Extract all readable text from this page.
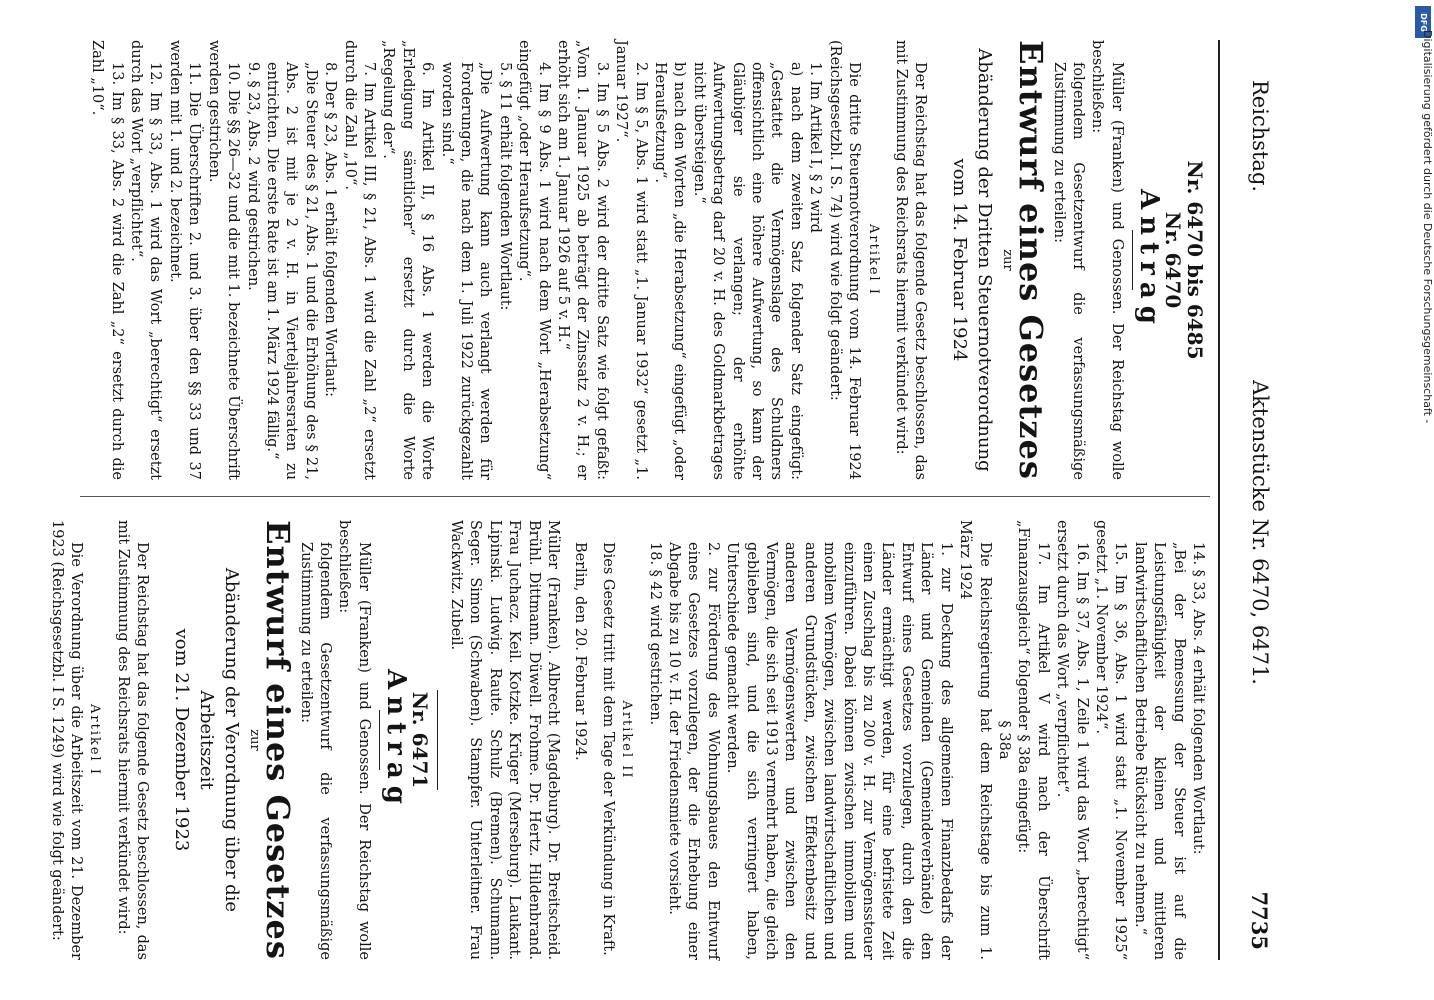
Reichstag.
Aktenstücke Nr. 6470, 6471.
7735

Nr. 6470 bis 6485

Nr. 6470

Antrag

Müller (Franken) und Genossen. Der Reichstag wolle beschließen:

folgendem Gesetzentwurf die verfassungsmäßige Zustimmung zu erteilen:

Entwurf eines Gesetzes

zur

Abänderung der Dritten Steuernotverordnung

vom 14. Februar 1924

Der Reichstag hat das folgende Gesetz beschlossen, das mit Zustimmung des Reichsrats hiermit verkündet wird:

Artikel I

Die dritte Steuernotverordnung vom 14. Februar 1924 (Reichsgesetzbl. I S. 74) wird wie folgt geändert:

1. Im Artikel I, § 2 wird

a) nach dem zweiten Satz folgender Satz eingefügt: „Gestattet die Vermögenslage des Schuldners offensichtlich eine höhere Aufwertung, so kann der Gläubiger sie verlangen; der erhöhte Aufwertungsbetrag darf 20 v. H. des Goldmarkbetrages nicht übersteigen.“

b) nach den Worten „die Herabsetzung“ eingefügt „oder Heraufsetzung“.

2. Im § 5, Abs. 1 wird statt „1. Januar 1932“ gesetzt „1. Januar 1927“.

3. Im § 5 Abs. 2 wird der dritte Satz wie folgt gefaßt: „Vom 1. Januar 1925 ab beträgt der Zinssatz 2 v. H.; er erhöht sich am 1. Januar 1926 auf 5 v. H.“

4. Im § 9 Abs. 1 wird nach dem Wort „Herabsetzung“ eingefügt „oder Heraufsetzung“.

5. § 11 erhält folgenden Wortlaut:

„Die Aufwertung kann auch verlangt werden für Forderungen, die nach dem 1. Juli 1922 zurückgezahlt worden sind.“

6. Im Artikel II, § 16 Abs. 1 werden die Worte „Erledigung sämtlicher“ ersetzt durch die Worte „Regelung der“.

7. Im Artikel III, § 21, Abs. 1 wird die Zahl „2“ ersetzt durch die Zahl „10“.

8. Der § 23, Abs. 1 erhält folgenden Wortlaut:

„Die Steuer des § 21, Abs. 1 und die Erhöhung des § 21, Abs. 2 ist mit je 2 v. H. in Vierteljahresraten zu entrichten. Die erste Rate ist am 1. März 1924 fällig.“

9. § 23, Abs. 2 wird gestrichen.

10. Die §§ 26—32 und die mit 1. bezeichnete Überschrift werden gestrichen.

11. Die Überschriften 2. und 3. über den §§ 33 und 37 werden mit 1. und 2. bezeichnet.

12. Im § 33, Abs. 1 wird das Wort „berechtigt“ ersetzt durch das Wort „verpflichtet“.

13. Im § 33, Abs. 2 wird die Zahl „2“ ersetzt durch die Zahl „10“.

14. § 33, Abs. 4 erhält folgenden Wortlaut:

„Bei der Bemessung der Steuer ist auf die Leistungsfähigkeit der kleinen und mittleren landwirtschaftlichen Betriebe Rücksicht zu nehmen.“

15. Im § 36, Abs. 1 wird statt „1. November 1925“ gesetzt „1. November 1924“.

16. Im § 37, Abs. 1, Zeile 1 wird das Wort „berechtigt“ ersetzt durch das Wort „verpflichtet“.

17. Im Artikel V wird nach der Überschrift „Finanzausgleich“ folgender § 38a eingefügt:

§ 38a

Die Reichsregierung hat dem Reichstage bis zum 1. März 1924

1. zur Deckung des allgemeinen Finanzbedarfs der Länder und Gemeinden (Gemeindeverbände) den Entwurf eines Gesetzes vorzulegen, durch den die Länder ermächtigt werden, für eine befristete Zeit einen Zuschlag bis zu 200 v. H. zur Vermögenssteuer einzuführen. Dabei können zwischen immobilem und mobilem Vermögen, zwischen landwirtschaftlichen und anderen Grundstücken, zwischen Effektenbesitz und anderen Vermögenswerten und zwischen den Vermögen, die sich seit 1913 vermehrt haben, die gleich geblieben sind, und die sich verringert haben, Unterschiede gemacht werden.

2. zur Förderung des Wohnungsbaues den Entwurf eines Gesetzes vorzulegen, der die Erhebung einer Abgabe bis zu 10 v. H. der Friedensmiete vorsieht.

18. § 42 wird gestrichen.

Artikel II

Dies Gesetz tritt mit dem Tage der Verkündung in Kraft.

Berlin, den 20. Februar 1924.

Müller (Franken). Albrecht (Magdeburg). Dr. Breitscheid. Brühl. Dittmann. Düwell. Frohme. Dr. Hertz. Hildenbrand. Frau Juchacz. Keil. Kotzke. Krüger (Merseburg). Laukant. Lipinski. Ludwig. Raute. Schulz (Bremen). Schumann. Seger. Simon (Schwaben). Stampfer. Unterleitner. Frau Wackwitz. Zubeil.

Nr. 6471

Antrag

Müller (Franken) und Genossen. Der Reichstag wolle beschließen:

folgendem Gesetzentwurf die verfassungsmäßige Zustimmung zu erteilen:

Entwurf eines Gesetzes

zur

Abänderung der Verordnung über die Arbeitszeit

vom 21. Dezember 1923

Der Reichstag hat das folgende Gesetz beschlossen, das mit Zustimmung des Reichsrats hiermit verkündet wird:

Artikel I

Die Verordnung über die Arbeitszeit vom 21. Dezember 1923 (Reichsgesetzbl. I S. 1249) wird wie folgt geändert:

DFG
Digitalisierung gefördert durch die Deutsche Forschungsgemeinschaft -
